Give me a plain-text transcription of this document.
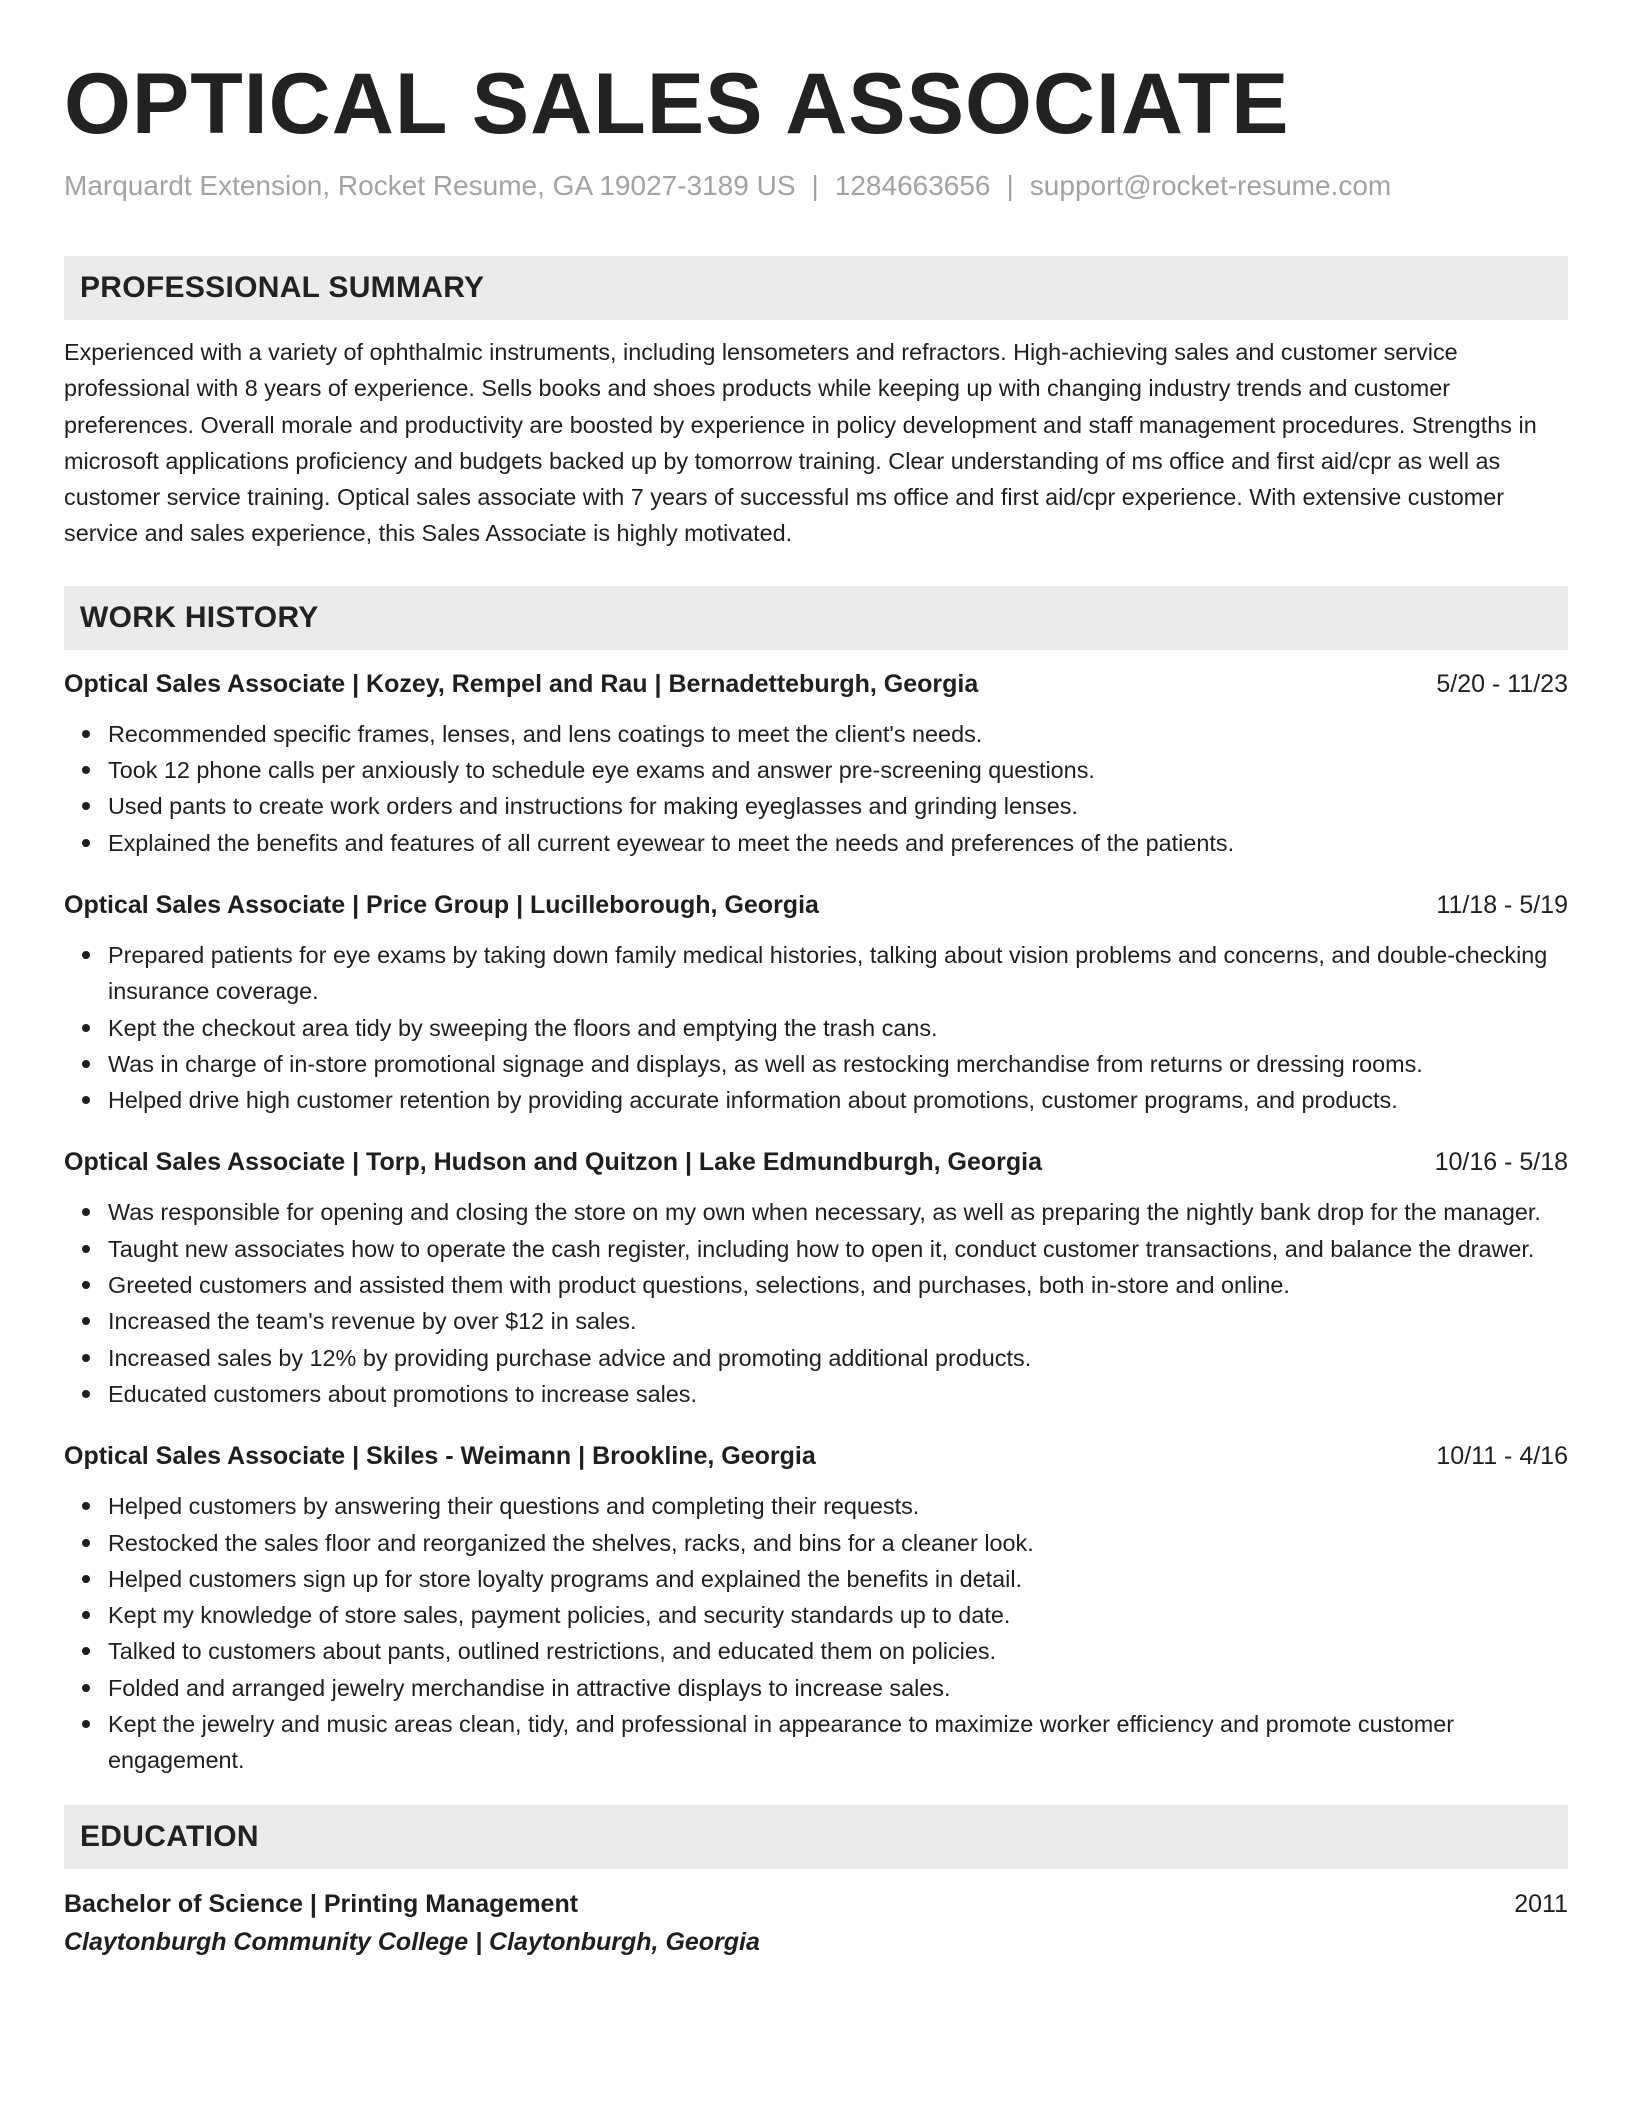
OPTICAL SALES ASSOCIATE
Marquardt Extension, Rocket Resume, GA 19027-3189 US | 1284663656 | support@rocket-resume.com
PROFESSIONAL SUMMARY

Experienced with a variety of ophthalmic instruments, including lensometers and refractors. High-achieving sales and customer service professional with 8 years of experience. Sells books and shoes products while keeping up with changing industry trends and customer preferences. Overall morale and productivity are boosted by experience in policy development and staff management procedures. Strengths in microsoft applications proficiency and budgets backed up by tomorrow training. Clear understanding of ms office and first aid/cpr as well as customer service training. Optical sales associate with 7 years of successful ms office and first aid/cpr experience. With extensive customer service and sales experience, this Sales Associate is highly motivated.

WORK HISTORY
Optical Sales Associate | Kozey, Rempel and Rau | Bernadetteburgh, Georgia	5/20 - 11/23
Recommended specific frames, lenses, and lens coatings to meet the client's needs.
Took 12 phone calls per anxiously to schedule eye exams and answer pre-screening questions.
Used pants to create work orders and instructions for making eyeglasses and grinding lenses.
Explained the benefits and features of all current eyewear to meet the needs and preferences of the patients.
Optical Sales Associate | Price Group | Lucilleborough, Georgia	11/18 - 5/19
Prepared patients for eye exams by taking down family medical histories, talking about vision problems and concerns, and double-checking insurance coverage.
Kept the checkout area tidy by sweeping the floors and emptying the trash cans.
Was in charge of in-store promotional signage and displays, as well as restocking merchandise from returns or dressing rooms.
Helped drive high customer retention by providing accurate information about promotions, customer programs, and products.
Optical Sales Associate | Torp, Hudson and Quitzon | Lake Edmundburgh, Georgia	10/16 - 5/18
Was responsible for opening and closing the store on my own when necessary, as well as preparing the nightly bank drop for the manager.
Taught new associates how to operate the cash register, including how to open it, conduct customer transactions, and balance the drawer.
Greeted customers and assisted them with product questions, selections, and purchases, both in-store and online.
Increased the team's revenue by over $12 in sales.
Increased sales by 12% by providing purchase advice and promoting additional products.
Educated customers about promotions to increase sales.
Optical Sales Associate | Skiles - Weimann | Brookline, Georgia	10/11 - 4/16
Helped customers by answering their questions and completing their requests.
Restocked the sales floor and reorganized the shelves, racks, and bins for a cleaner look.
Helped customers sign up for store loyalty programs and explained the benefits in detail.
Kept my knowledge of store sales, payment policies, and security standards up to date.
Talked to customers about pants, outlined restrictions, and educated them on policies.
Folded and arranged jewelry merchandise in attractive displays to increase sales.
Kept the jewelry and music areas clean, tidy, and professional in appearance to maximize worker efficiency and promote customer engagement.
EDUCATION
Bachelor of Science | Printing Management	2011
Claytonburgh Community College | Claytonburgh, Georgia
